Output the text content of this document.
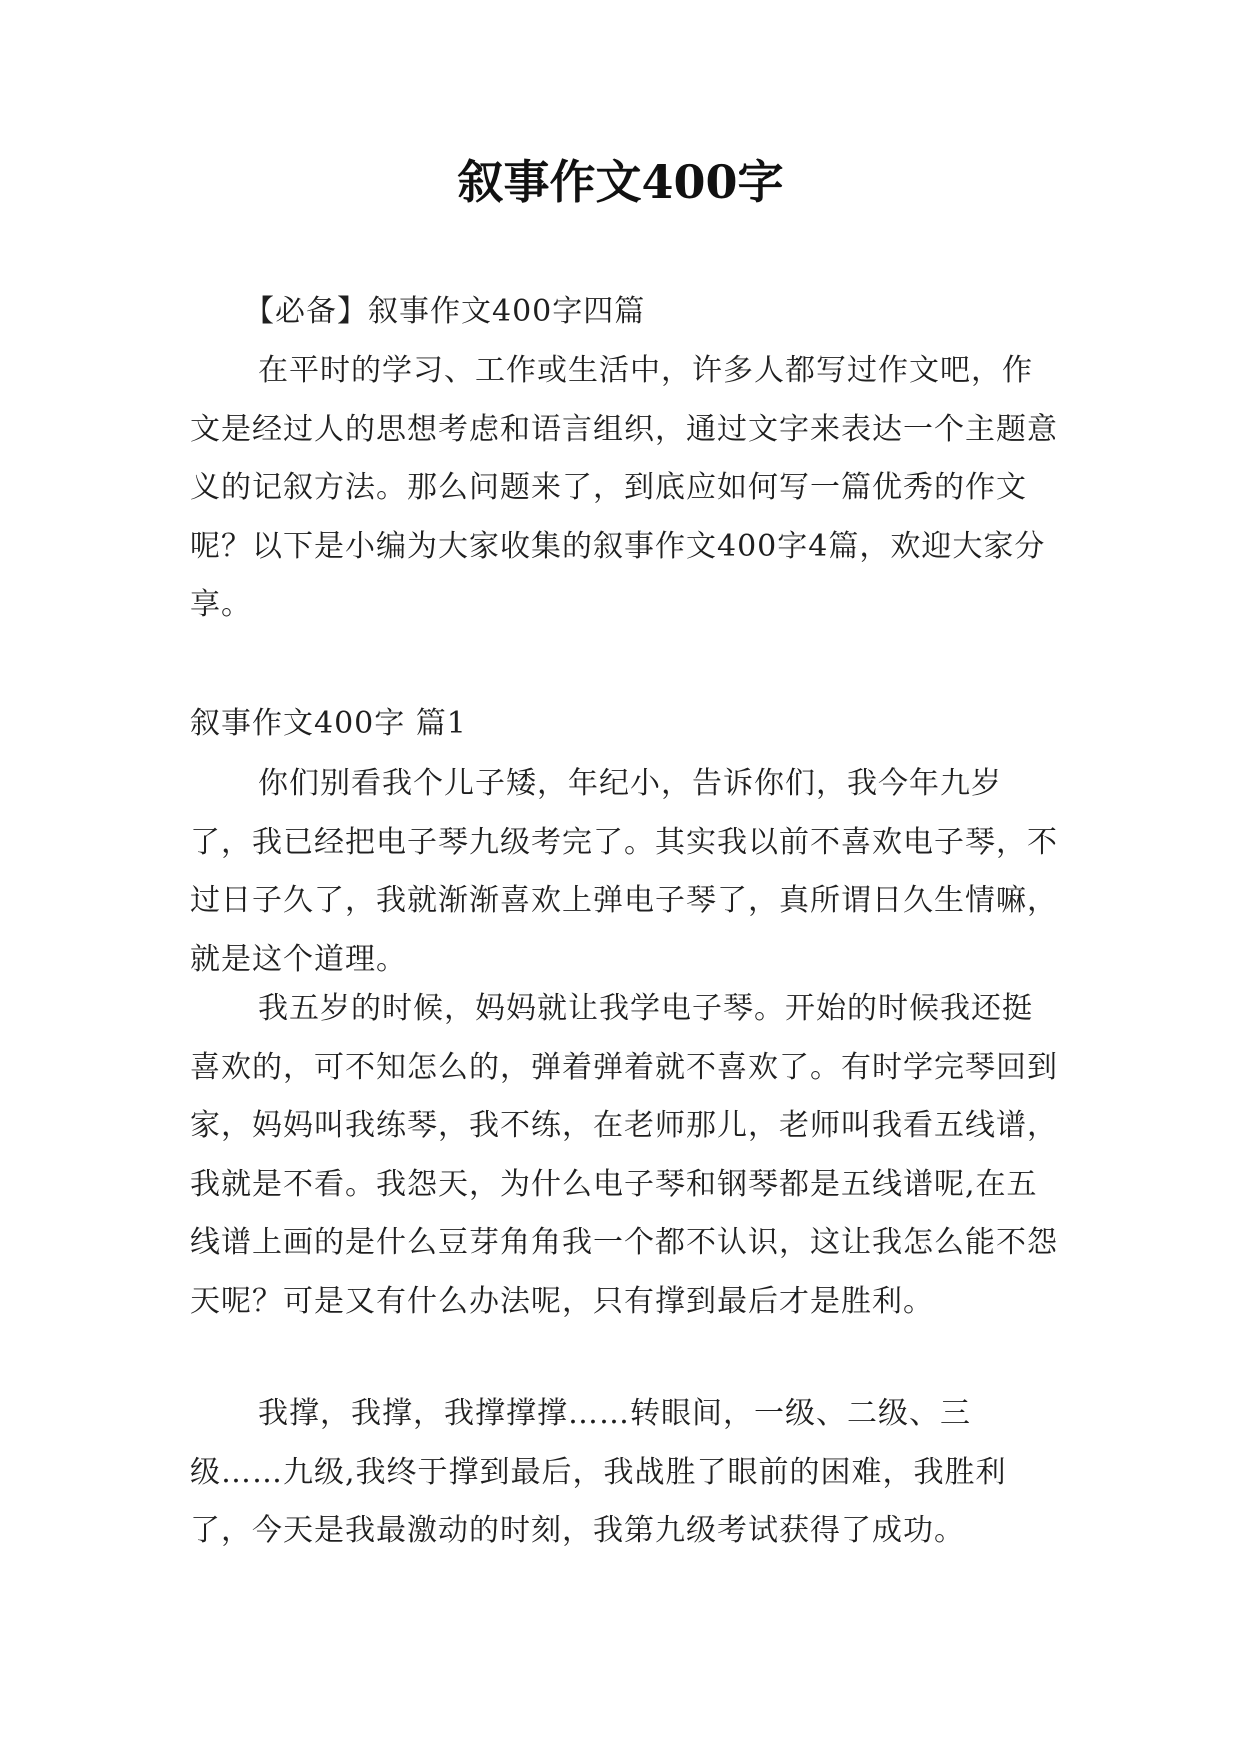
叙事作文400字

【必备】叙事作文400字四篇

在平时的学习、工作或生活中，许多人都写过作文吧，作文是经过人的思想考虑和语言组织，通过文字来表达一个主题意义的记叙方法。那么问题来了，到底应如何写一篇优秀的作文呢？以下是小编为大家收集的叙事作文400字4篇，欢迎大家分享。

叙事作文400字 篇1

你们别看我个儿子矮，年纪小，告诉你们，我今年九岁了，我已经把电子琴九级考完了。其实我以前不喜欢电子琴，不过日子久了，我就渐渐喜欢上弹电子琴了，真所谓日久生情嘛，就是这个道理。

我五岁的时候，妈妈就让我学电子琴。开始的时候我还挺喜欢的，可不知怎么的，弹着弹着就不喜欢了。有时学完琴回到家，妈妈叫我练琴，我不练，在老师那儿，老师叫我看五线谱，我就是不看。我怨天，为什么电子琴和钢琴都是五线谱呢,在五线谱上画的是什么豆芽角角我一个都不认识，这让我怎么能不怨天呢？可是又有什么办法呢，只有撑到最后才是胜利。

我撑，我撑，我撑撑撑……转眼间，一级、二级、三级……九级,我终于撑到最后，我战胜了眼前的困难，我胜利了，今天是我最激动的时刻，我第九级考试获得了成功。
